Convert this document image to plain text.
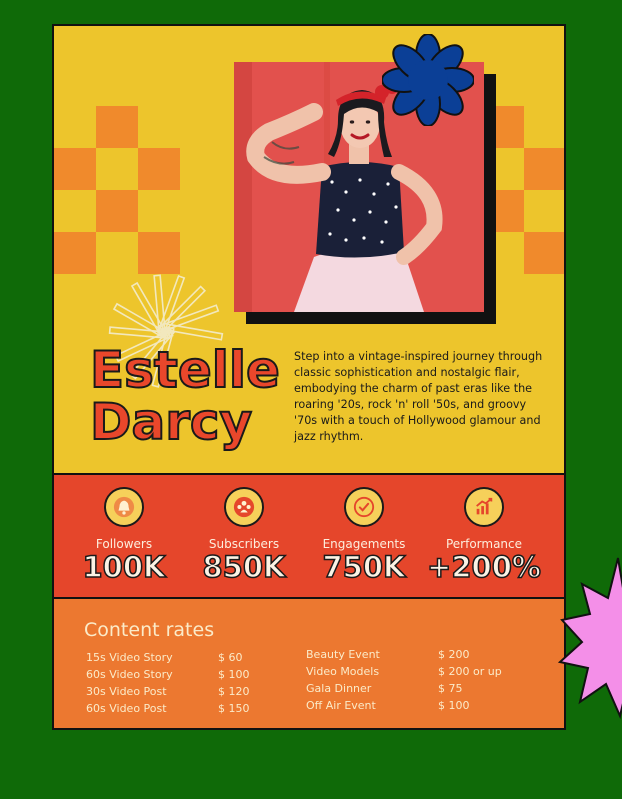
Estelle
Darcy
Step into a vintage-inspired journey through classic sophistication and nostalgic flair, embodying the charm of past eras like the roaring '20s, rock 'n' roll '50s, and groovy '70s with a touch of Hollywood glamour and jazz rhythm.
Followers
100K
Subscribers
850K
Engagements
750K
Performance
+200%
Content rates
15s Video Story	$ 60
60s Video Story	$ 100
30s Video Post	$ 120
60s Video Post	$ 150
Beauty Event	$ 200
Video Models	$ 200 or up
Gala Dinner	$ 75
Off Air Event	$ 100
